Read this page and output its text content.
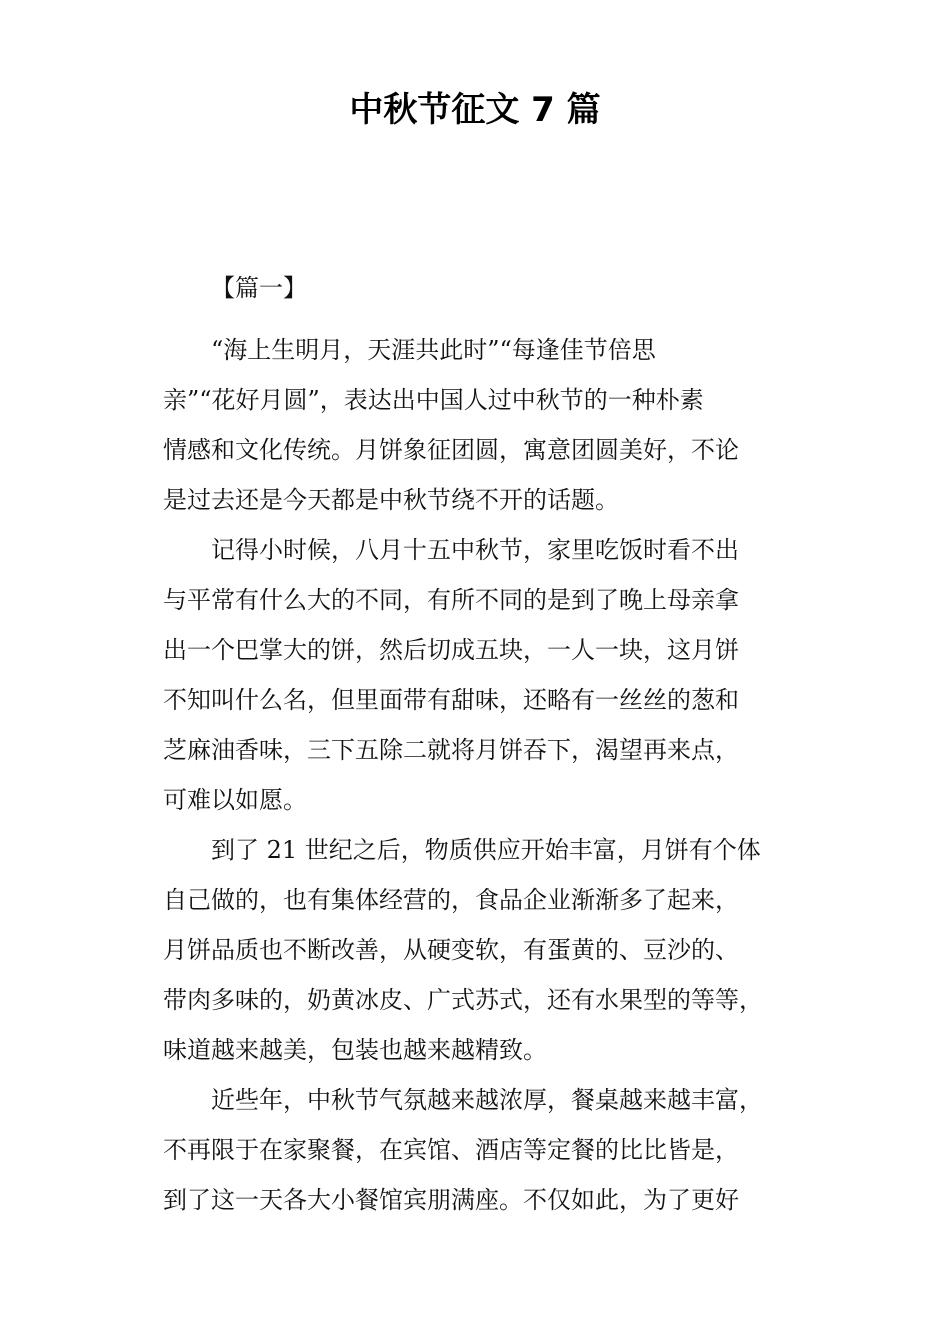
中秋节征文 7 篇
【篇一】
“海上生明月，天涯共此时”“每逢佳节倍思
亲”“花好月圆”，表达出中国人过中秋节的一种朴素
情感和文化传统。月饼象征团圆，寓意团圆美好，不论
是过去还是今天都是中秋节绕不开的话题。
记得小时候，八月十五中秋节，家里吃饭时看不出
与平常有什么大的不同，有所不同的是到了晚上母亲拿
出一个巴掌大的饼，然后切成五块，一人一块，这月饼
不知叫什么名，但里面带有甜味，还略有一丝丝的葱和
芝麻油香味，三下五除二就将月饼吞下，渴望再来点，
可难以如愿。
到了 21 世纪之后，物质供应开始丰富，月饼有个体
自己做的，也有集体经营的，食品企业渐渐多了起来，
月饼品质也不断改善，从硬变软，有蛋黄的、豆沙的、
带肉多味的，奶黄冰皮、广式苏式，还有水果型的等等，
味道越来越美，包装也越来越精致。
近些年，中秋节气氛越来越浓厚，餐桌越来越丰富，
不再限于在家聚餐，在宾馆、酒店等定餐的比比皆是，
到了这一天各大小餐馆宾朋满座。不仅如此，为了更好
